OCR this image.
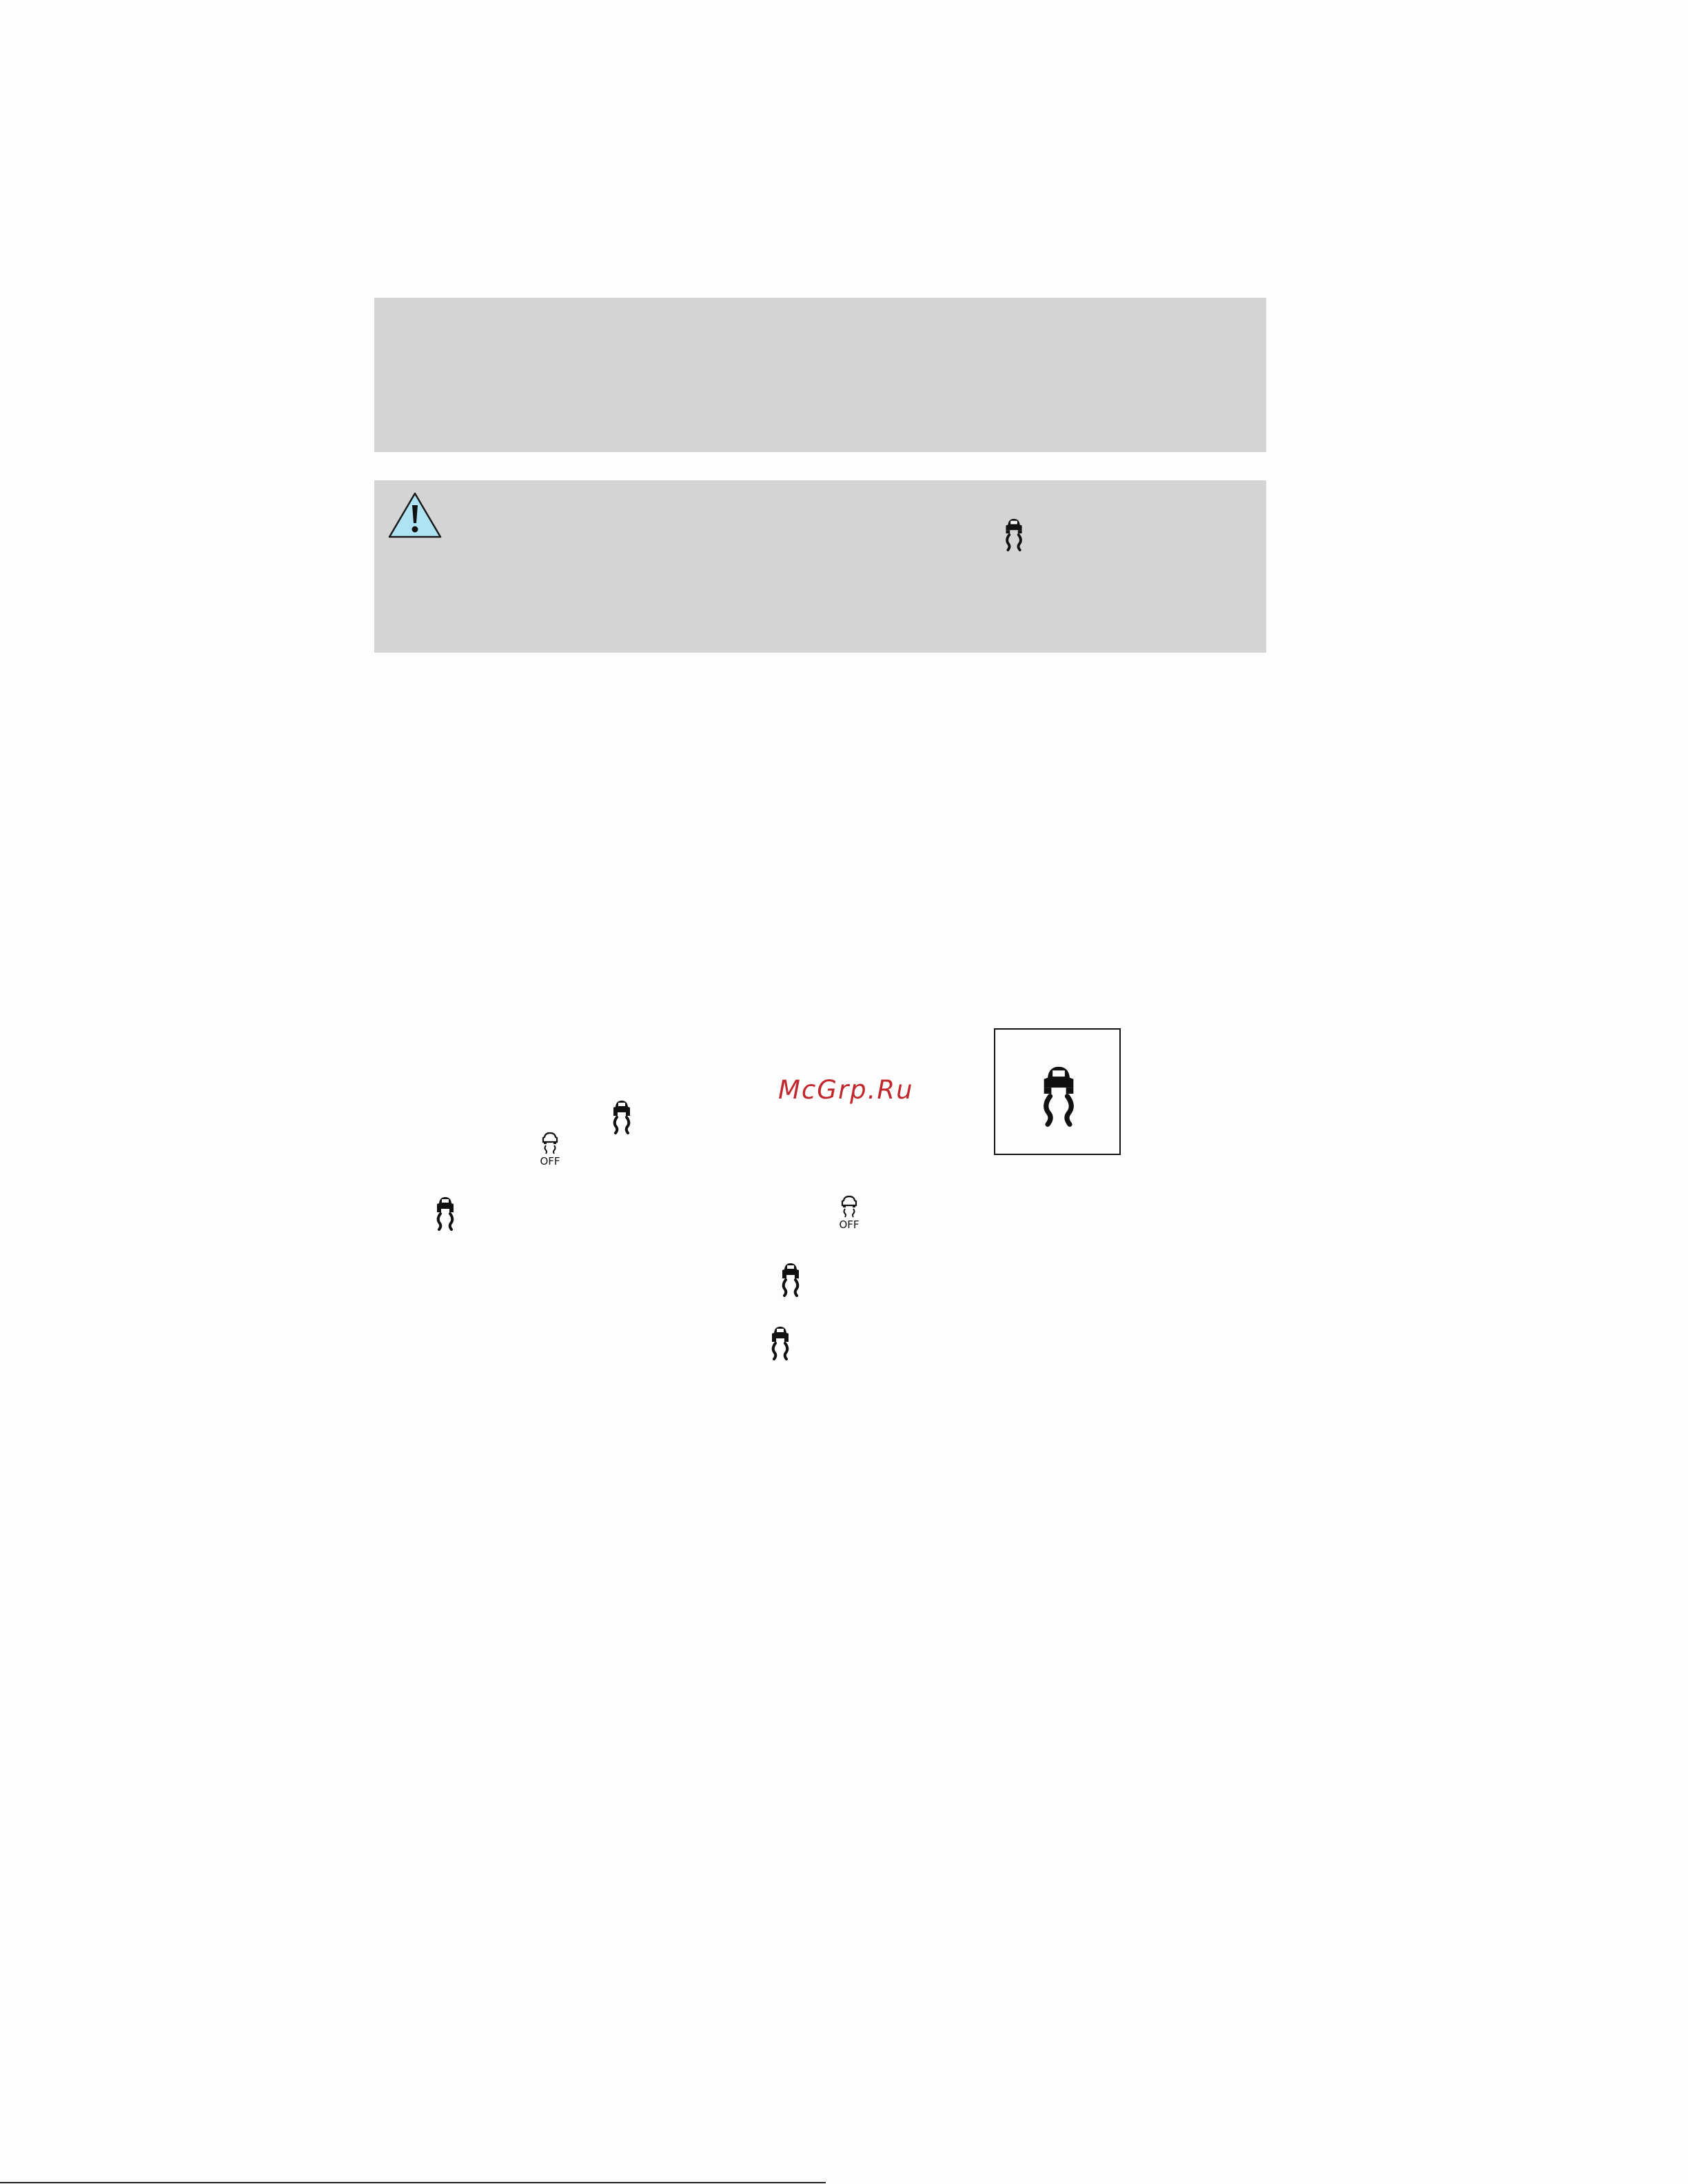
McGrp.Ru
OFF
OFF
